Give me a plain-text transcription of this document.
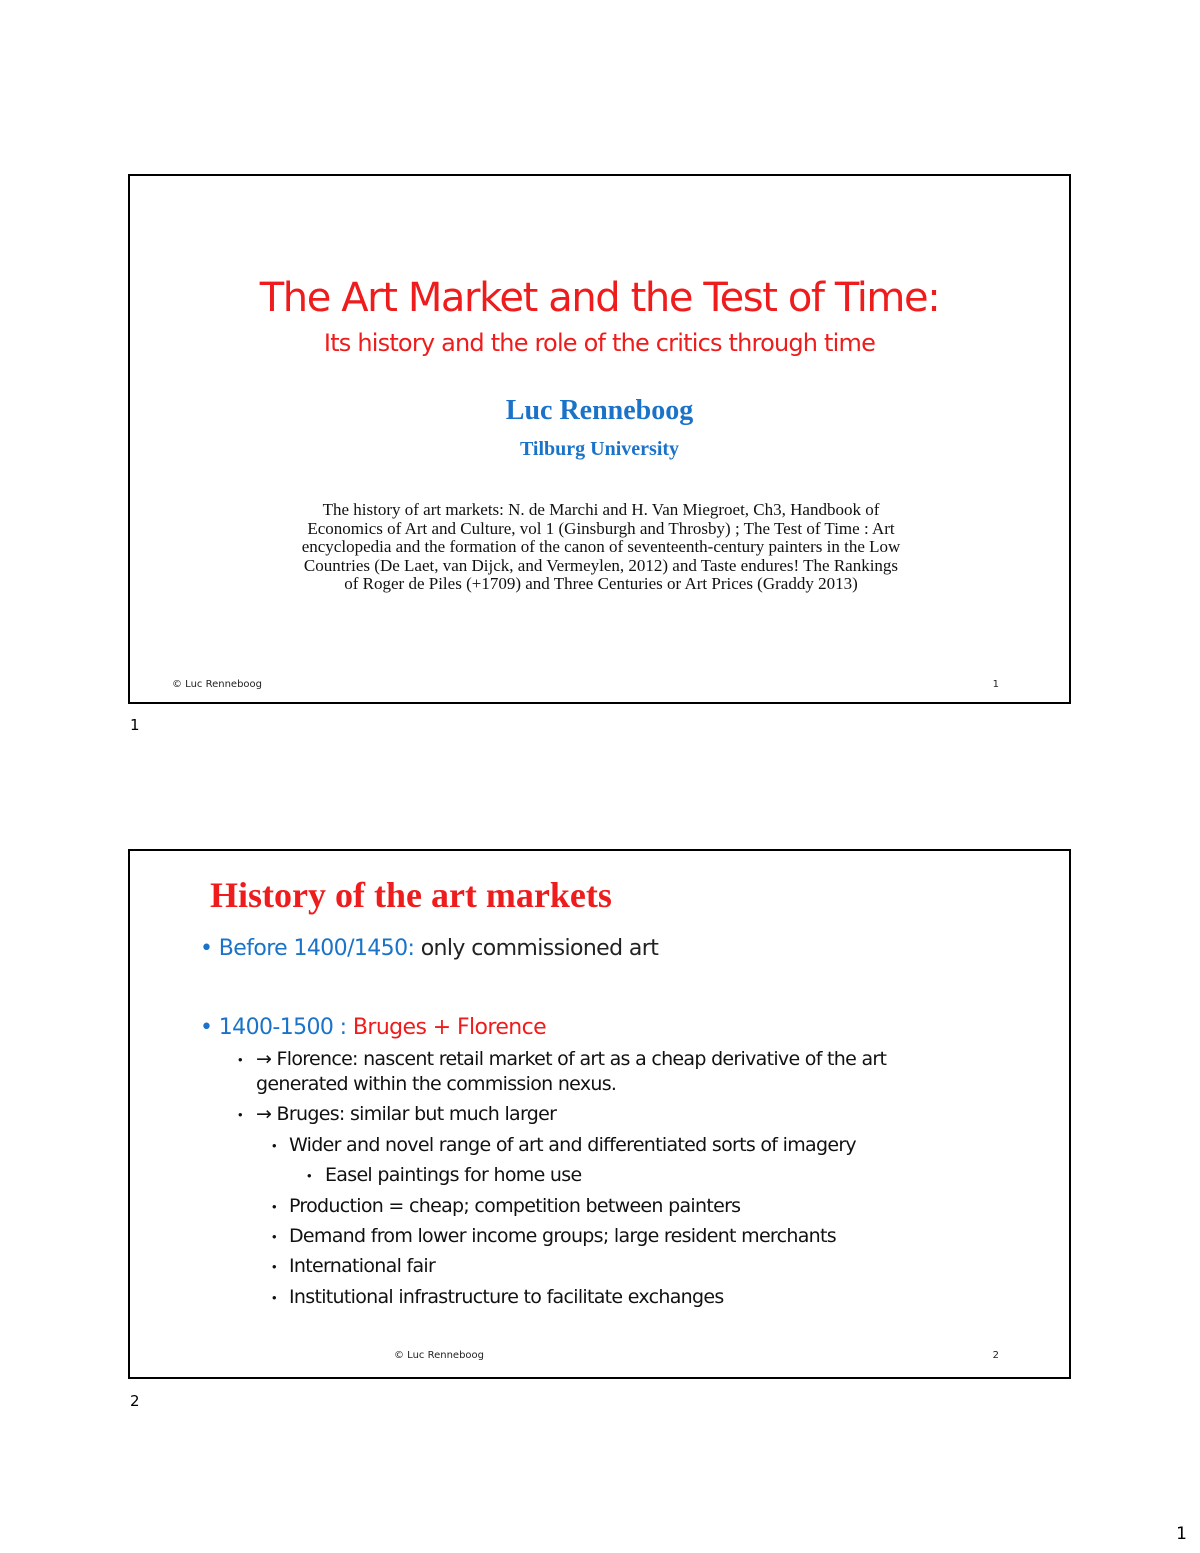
The Art Market and the Test of Time:
Its history and the role of the critics through time
Luc Renneboog
Tilburg University
The history of art markets: N. de Marchi and H. Van Miegroet, Ch3, Handbook of
Economics of Art and Culture, vol 1 (Ginsburgh and Throsby) ; The Test of Time : Art
encyclopedia and the formation of the canon of seventeenth-century painters in the Low
Countries (De Laet, van Dijck, and Vermeylen, 2012) and Taste endures! The Rankings
of Roger de Piles (+1709) and Three Centuries or Art Prices (Graddy 2013)
© Luc Renneboog	1
1
History of the art markets
• Before 1400/1450: only commissioned art
• 1400-1500 : Bruges + Florence
• → Florence: nascent retail market of art as a cheap derivative of the art
generated within the commission nexus.
• → Bruges: similar but much larger
• Wider and novel range of art and differentiated sorts of imagery
• Easel paintings for home use
• Production = cheap; competition between painters
• Demand from lower income groups; large resident merchants
• International fair
• Institutional infrastructure to facilitate exchanges
© Luc Renneboog	2
2
1
